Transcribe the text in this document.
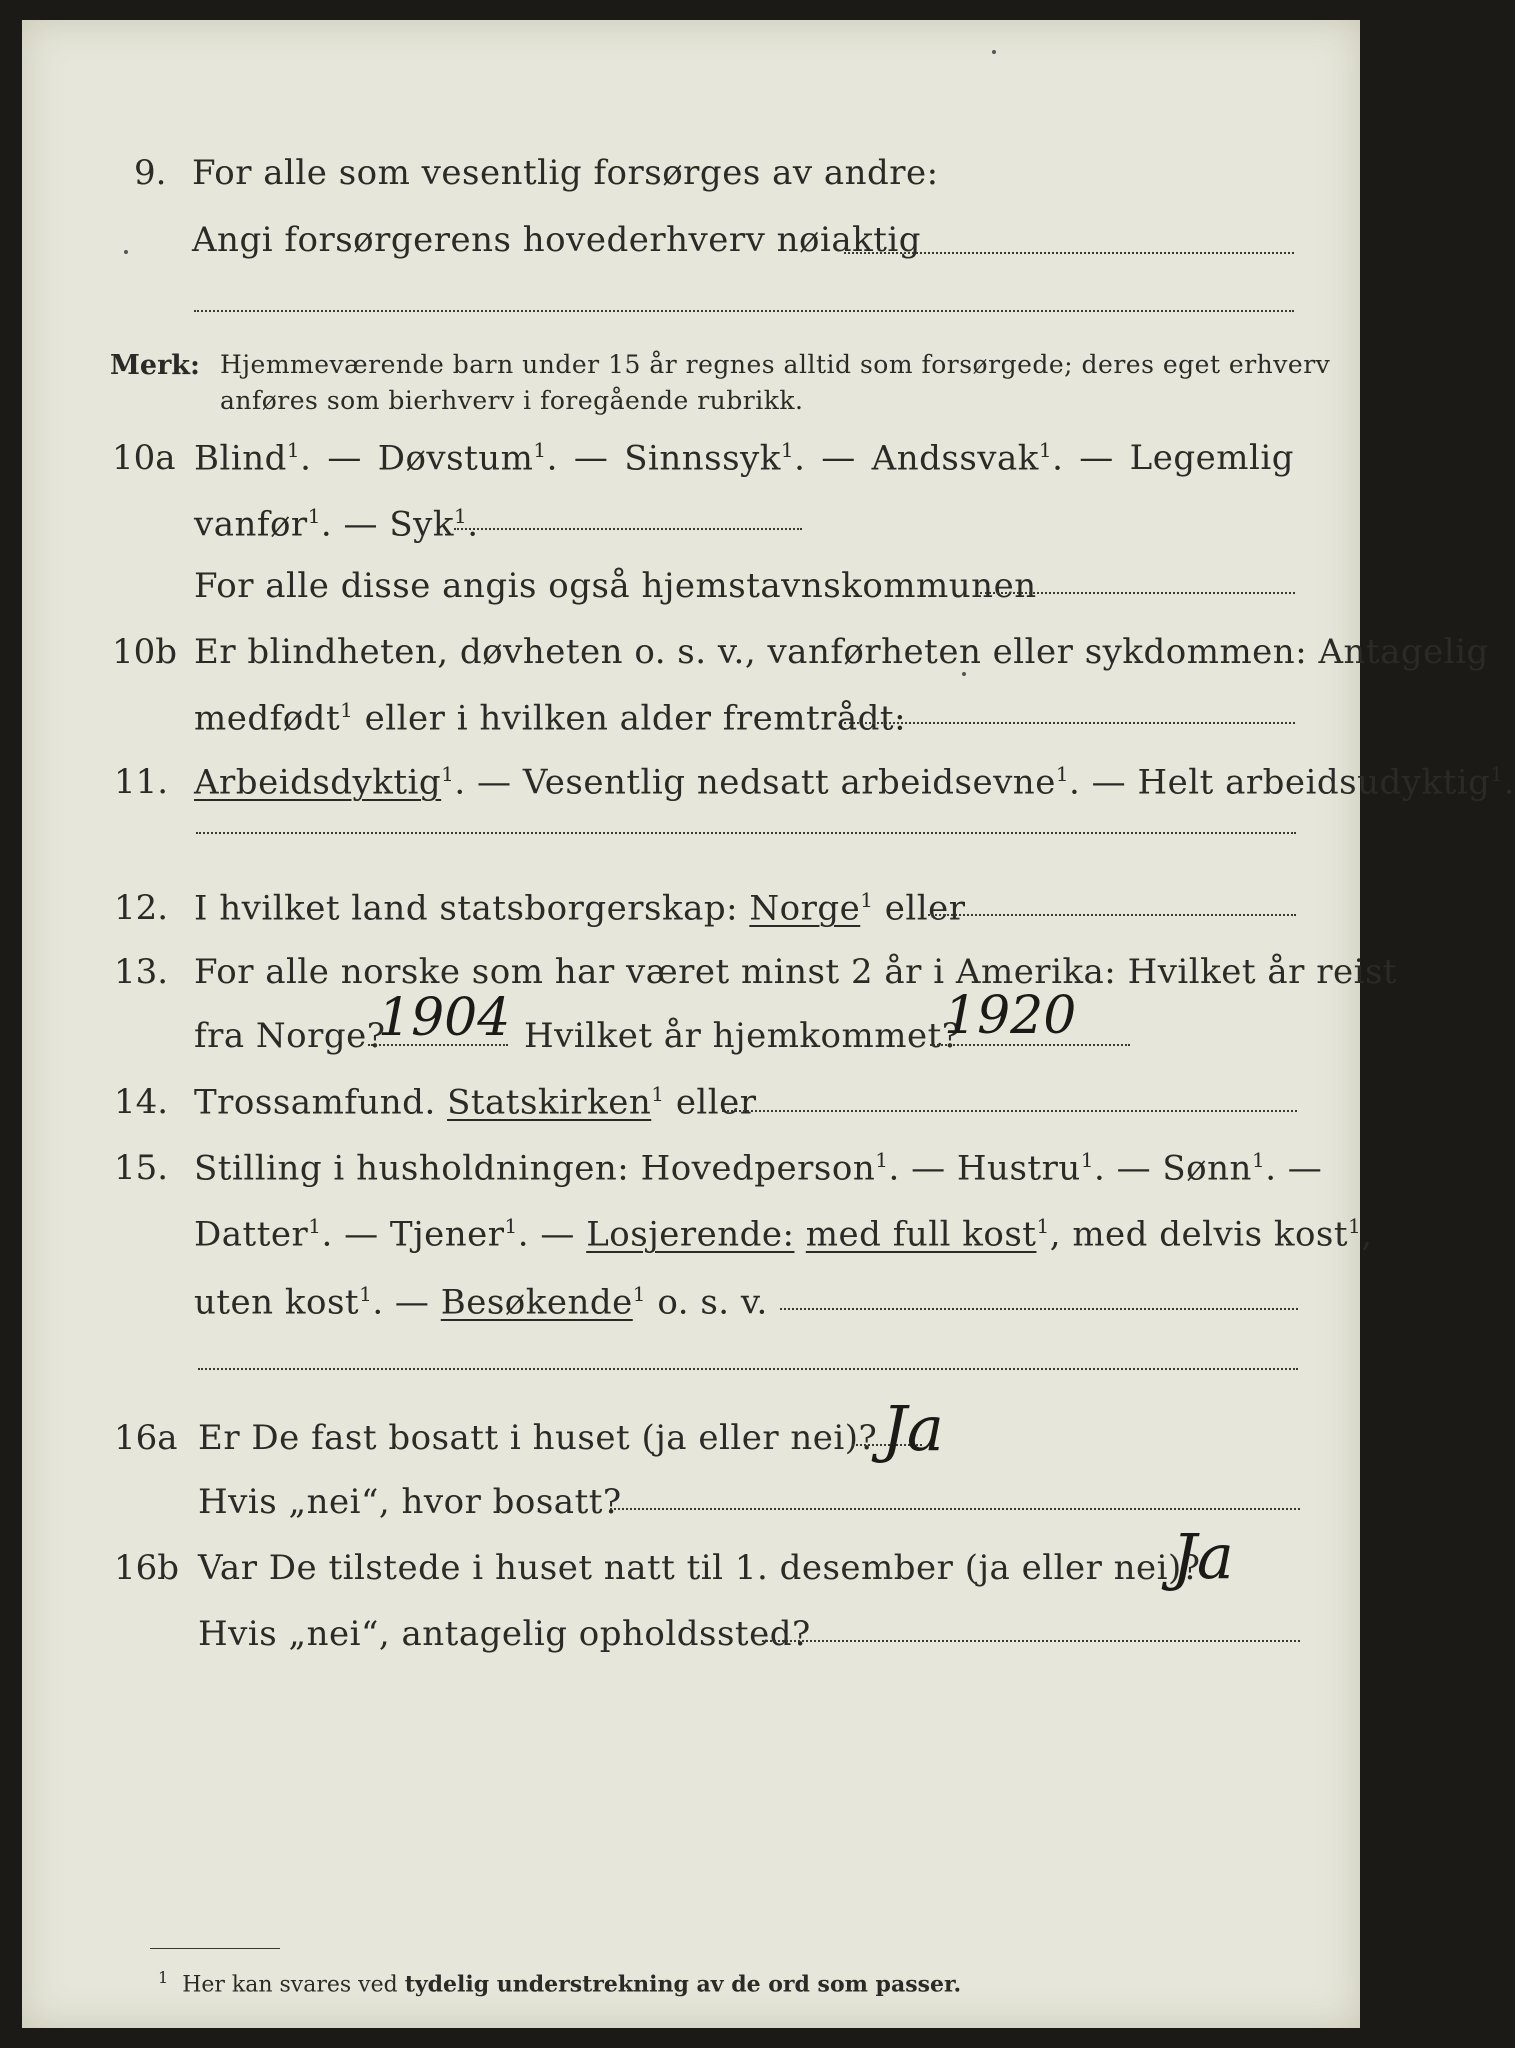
9. For alle som vesentlig forsørges av andre:
Angi forsørgerens hovederhverv nøiaktig
Merk: Hjemmeværende barn under 15 år regnes alltid som forsørgede; deres eget erhverv
anføres som bierhverv i foregående rubrikk.
10a Blind$^1$. — Døvstum$^1$. — Sinnssyk$^1$. — Andssvak$^1$. — Legemlig
vanfør$^1$. — Syk$^1$.
For alle disse angis også hjemstavnskommunen
10b Er blindheten, døvheten o. s. v., vanførheten eller sykdommen: Antagelig
medfødt$^1$ eller i hvilken alder fremtrådt:
11. Arbeidsdyktig$^1$. — Vesentlig nedsatt arbeidsevne$^1$. — Helt arbeidsudyktig$^1$.
12. I hvilket land statsborgerskap: Norge$^1$ eller
13. For alle norske som har været minst 2 år i Amerika: Hvilket år reist
fra Norge?
1904 Hvilket år hjemkommet?
1920
14. Trossamfund. Statskirken$^1$ eller
15. Stilling i husholdningen: Hovedperson$^1$. — Hustru$^1$. — Sønn$^1$. —
Datter$^1$. — Tjener$^1$. — Losjerende: med full kost$^1$, med delvis kost$^1$,
uten kost$^1$. — Besøkende$^1$ o. s. v.
16a Er De fast bosatt i huset (ja eller nei)? Ja
Hvis „nei“, hvor bosatt?
16b Var De tilstede i huset natt til 1. desember (ja eller nei)?
Ja
Hvis „nei“, antagelig opholdssted?
$^1$ Her kan svares ved tydelig understrekning av de ord som passer.
